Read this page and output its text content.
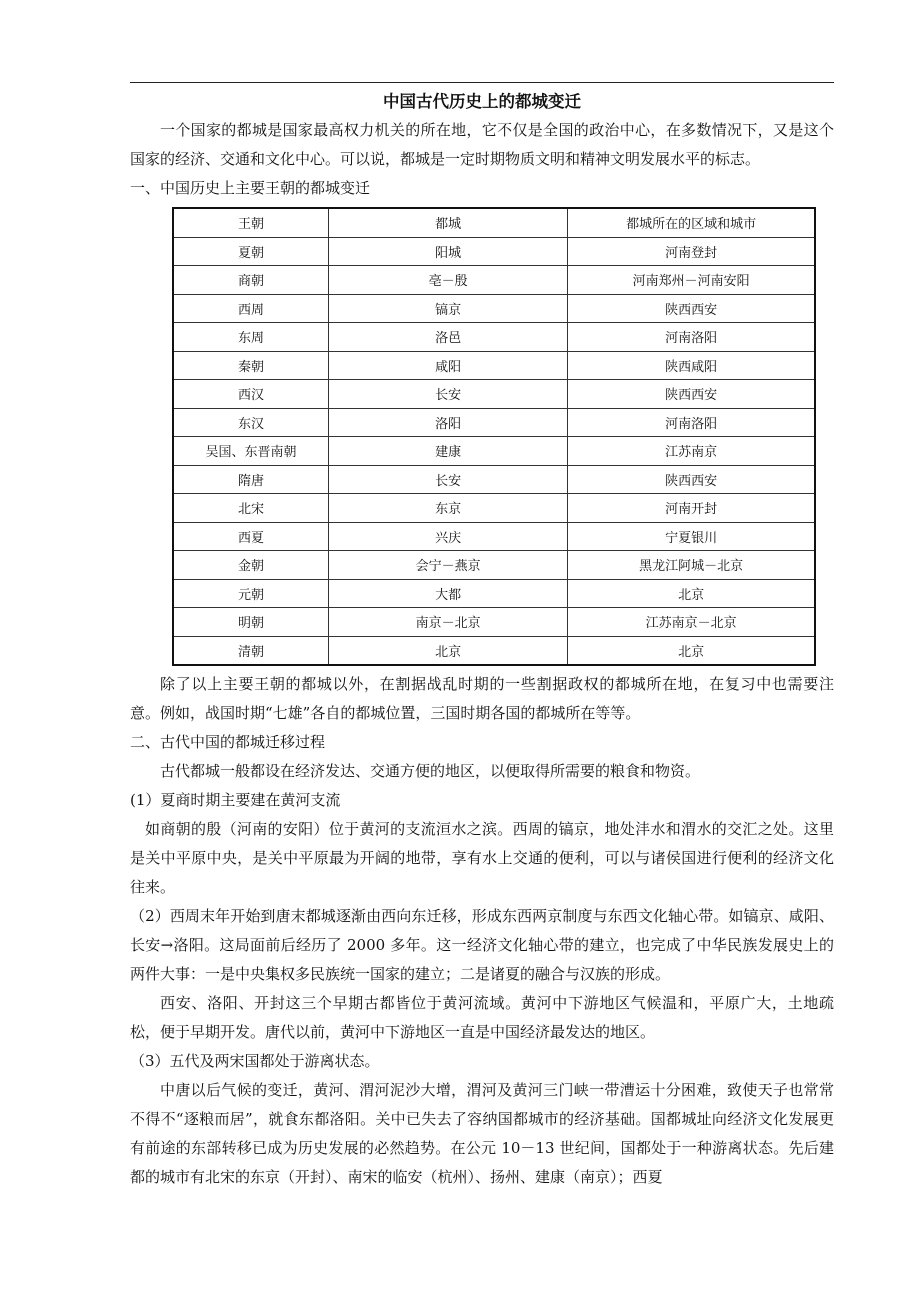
中国古代历史上的都城变迁

一个国家的都城是国家最高权力机关的所在地，它不仅是全国的政治中心，在多数情况下，又是这个国家的经济、交通和文化中心。可以说，都城是一定时期物质文明和精神文明发展水平的标志。

一、中国历史上主要王朝的都城变迁

王朝	都城	都城所在的区域和城市
夏朝	阳城	河南登封
商朝	亳－殷	河南郑州－河南安阳
西周	镐京	陕西西安
东周	洛邑	河南洛阳
秦朝	咸阳	陕西咸阳
西汉	长安	陕西西安
东汉	洛阳	河南洛阳
吴国、东晋南朝	建康	江苏南京
隋唐	长安	陕西西安
北宋	东京	河南开封
西夏	兴庆	宁夏银川
金朝	会宁－燕京	黑龙江阿城－北京
元朝	大都	北京
明朝	南京－北京	江苏南京－北京
清朝	北京	北京

除了以上主要王朝的都城以外，在割据战乱时期的一些割据政权的都城所在地，在复习中也需要注意。例如，战国时期“七雄”各自的都城位置，三国时期各国的都城所在等等。

二、古代中国的都城迁移过程

古代都城一般都设在经济发达、交通方便的地区，以便取得所需要的粮食和物资。

(1）夏商时期主要建在黄河支流

如商朝的殷（河南的安阳）位于黄河的支流洹水之滨。西周的镐京，地处沣水和渭水的交汇之处。这里是关中平原中央，是关中平原最为开阔的地带，享有水上交通的便利，可以与诸侯国进行便利的经济文化往来。

（2）西周末年开始到唐末都城逐渐由西向东迁移，形成东西两京制度与东西文化轴心带。如镐京、咸阳、长安→洛阳。这局面前后经历了 2000 多年。这一经济文化轴心带的建立，也完成了中华民族发展史上的两件大事：一是中央集权多民族统一国家的建立；二是诸夏的融合与汉族的形成。

西安、洛阳、开封这三个早期古都皆位于黄河流域。黄河中下游地区气候温和，平原广大，土地疏松，便于早期开发。唐代以前，黄河中下游地区一直是中国经济最发达的地区。

（3）五代及两宋国都处于游离状态。

中唐以后气候的变迁，黄河、渭河泥沙大增，渭河及黄河三门峡一带漕运十分困难，致使天子也常常不得不“逐粮而居”，就食东都洛阳。关中已失去了容纳国都城市的经济基础。国都城址向经济文化发展更有前途的东部转移已成为历史发展的必然趋势。在公元 10－13 世纪间，国都处于一种游离状态。先后建都的城市有北宋的东京（开封）、南宋的临安（杭州）、扬州、建康（南京）；西夏
